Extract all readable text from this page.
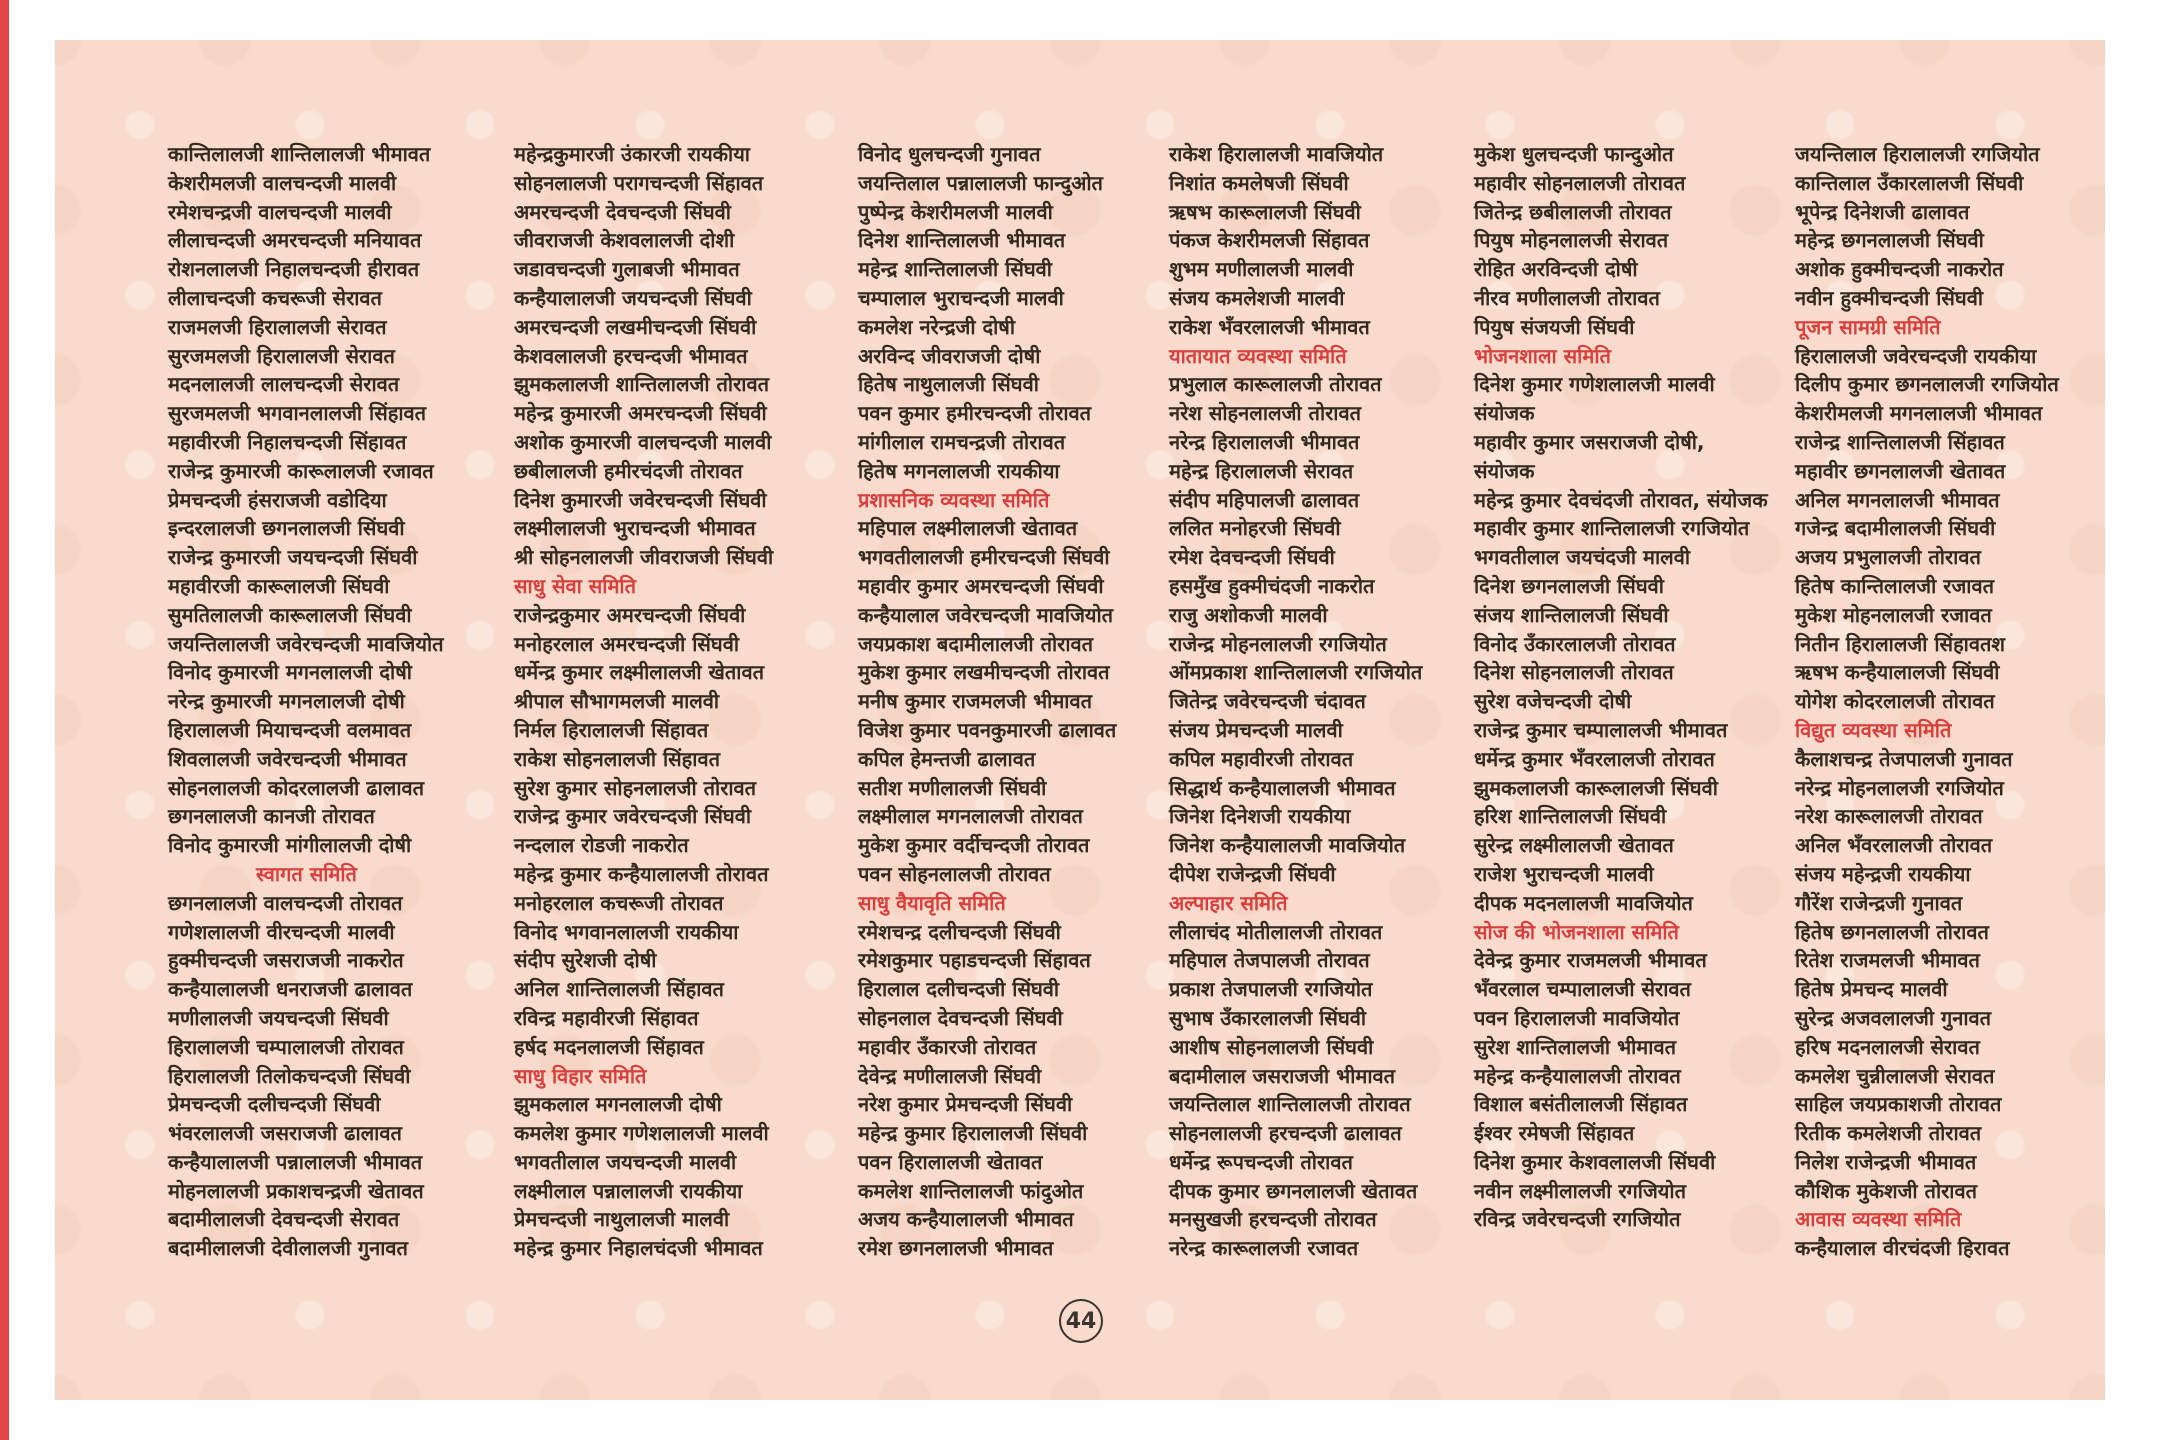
कान्तिलालजी शान्तिलालजी भीमावत

केशरीमलजी वालचन्दजी मालवी

रमेशचन्द्रजी वालचन्दजी मालवी

लीलाचन्दजी अमरचन्दजी मनियावत

रोशनलालजी निहालचन्दजी हीरावत

लीलाचन्दजी कचरूजी सेरावत

राजमलजी हिरालालजी सेरावत

सुरजमलजी हिरालालजी सेरावत

मदनलालजी लालचन्दजी सेरावत

सुरजमलजी भगवानलालजी सिंहावत

महावीरजी निहालचन्दजी सिंहावत

राजेन्द्र कुमारजी कारूलालजी रजावत

प्रेमचन्दजी हंसराजजी वडोदिया

इन्दरलालजी छगनलालजी सिंघवी

राजेन्द्र कुमारजी जयचन्दजी सिंघवी

महावीरजी कारूलालजी सिंघवी

सुमतिलालजी कारूलालजी सिंघवी

जयन्तिलालजी जवेरचन्दजी मावजियोत

विनोद कुमारजी मगनलालजी दोषी

नरेन्द्र कुमारजी मगनलालजी दोषी

हिरालालजी मियाचन्दजी वलमावत

शिवलालजी जवेरचन्दजी भीमावत

सोहनलालजी कोदरलालजी ढालावत

छगनलालजी कानजी तोरावत

विनोद कुमारजी मांगीलालजी दोषी

स्वागत समिति

छगनलालजी वालचन्दजी तोरावत

गणेशलालजी वीरचन्दजी मालवी

हुक्मीचन्दजी जसराजजी नाकरोत

कन्हैयालालजी धनराजजी ढालावत

मणीलालजी जयचन्दजी सिंघवी

हिरालालजी चम्पालालजी तोरावत

हिरालालजी तिलोकचन्दजी सिंघवी

प्रेमचन्दजी दलीचन्दजी सिंघवी

भंवरलालजी जसराजजी ढालावत

कन्हैयालालजी पन्नालालजी भीमावत

मोहनलालजी प्रकाशचन्द्रजी खेतावत

बदामीलालजी देवचन्दजी सेरावत

बदामीलालजी देवीलालजी गुनावत

महेन्द्रकुमारजी उंकारजी रायकीया

सोहनलालजी परागचन्दजी सिंहावत

अमरचन्दजी देवचन्दजी सिंघवी

जीवराजजी केशवलालजी दोशी

जडावचन्दजी गुलाबजी भीमावत

कन्हैयालालजी जयचन्दजी सिंघवी

अमरचन्दजी लखमीचन्दजी सिंघवी

केशवलालजी हरचन्दजी भीमावत

झुमकलालजी शान्तिलालजी तोरावत

महेन्द्र कुमारजी अमरचन्दजी सिंघवी

अशोक कुमारजी वालचन्दजी मालवी

छबीलालजी हमीरचंदजी तोरावत

दिनेश कुमारजी जवेरचन्दजी सिंघवी

लक्ष्मीलालजी भुराचन्दजी भीमावत

श्री सोहनलालजी जीवराजजी सिंघवी

साधु सेवा समिति

राजेन्द्रकुमार अमरचन्दजी सिंघवी

मनोहरलाल अमरचन्दजी सिंघवी

धर्मेन्द्र कुमार लक्ष्मीलालजी खेतावत

श्रीपाल सौभागमलजी मालवी

निर्मल हिरालालजी सिंहावत

राकेश सोहनलालजी सिंहावत

सुरेश कुमार सोहनलालजी तोरावत

राजेन्द्र कुमार जवेरचन्दजी सिंघवी

नन्दलाल रोडजी नाकरोत

महेन्द्र कुमार कन्हैयालालजी तोरावत

मनोहरलाल कचरूजी तोरावत

विनोद भगवानलालजी रायकीया

संदीप सुरेशजी दोषी

अनिल शान्तिलालजी सिंहावत

रविन्द्र महावीरजी सिंहावत

हर्षद मदनलालजी सिंहावत

साधु विहार समिति

झुमकलाल मगनलालजी दोषी

कमलेश कुमार गणेशलालजी मालवी

भगवतीलाल जयचन्दजी मालवी

लक्ष्मीलाल पन्नालालजी रायकीया

प्रेमचन्दजी नाथुलालजी मालवी

महेन्द्र कुमार निहालचंदजी भीमावत

विनोद धुलचन्दजी गुनावत

जयन्तिलाल पन्नालालजी फान्दुओत

पुष्पेन्द्र केशरीमलजी मालवी

दिनेश शान्तिलालजी भीमावत

महेन्द्र शान्तिलालजी सिंघवी

चम्पालाल भुराचन्दजी मालवी

कमलेश नरेन्द्रजी दोषी

अरविन्द जीवराजजी दोषी

हितेष नाथुलालजी सिंघवी

पवन कुमार हमीरचन्दजी तोरावत

मांगीलाल रामचन्द्रजी तोरावत

हितेष मगनलालजी रायकीया

प्रशासनिक व्यवस्था समिति

महिपाल लक्ष्मीलालजी खेतावत

भगवतीलालजी हमीरचन्दजी सिंघवी

महावीर कुमार अमरचन्दजी सिंघवी

कन्हैयालाल जवेरचन्दजी मावजियोत

जयप्रकाश बदामीलालजी तोरावत

मुकेश कुमार लखमीचन्दजी तोरावत

मनीष कुमार राजमलजी भीमावत

विजेश कुमार पवनकुमारजी ढालावत

कपिल हेमन्तजी ढालावत

सतीश मणीलालजी सिंघवी

लक्ष्मीलाल मगनलालजी तोरावत

मुकेश कुमार वर्दीचन्दजी तोरावत

पवन सोहनलालजी तोरावत

साधु वैयावृति समिति

रमेशचन्द्र दलीचन्दजी सिंघवी

रमेशकुमार पहाडचन्दजी सिंहावत

हिरालाल दलीचन्दजी सिंघवी

सोहनलाल देवचन्दजी सिंघवी

महावीर उँकारजी तोरावत

देवेन्द्र मणीलालजी सिंघवी

नरेश कुमार प्रेमचन्दजी सिंघवी

महेन्द्र कुमार हिरालालजी सिंघवी

पवन हिरालालजी खेतावत

कमलेश शान्तिलालजी फांदुओत

अजय कन्हैयालालजी भीमावत

रमेश छगनलालजी भीमावत

राकेश हिरालालजी मावजियोत

निशांत कमलेषजी सिंघवी

ऋषभ कारूलालजी सिंघवी

पंकज केशरीमलजी सिंहावत

शुभम मणीलालजी मालवी

संजय कमलेशजी मालवी

राकेश भँवरलालजी भीमावत

यातायात व्यवस्था समिति

प्रभुलाल कारूलालजी तोरावत

नरेश सोहनलालजी तोरावत

नरेन्द्र हिरालालजी भीमावत

महेन्द्र हिरालालजी सेरावत

संदीप महिपालजी ढालावत

ललित मनोहरजी सिंघवी

रमेश देवचन्दजी सिंघवी

हसमुँख हुक्मीचंदजी नाकरोत

राजु अशोकजी मालवी

राजेन्द्र मोहनलालजी रगजियोत

ओंमप्रकाश शान्तिलालजी रगजियोत

जितेन्द्र जवेरचन्दजी चंदावत

संजय प्रेमचन्दजी मालवी

कपिल महावीरजी तोरावत

सिद्धार्थ कन्हैयालालजी भीमावत

जिनेश दिनेशजी रायकीया

जिनेश कन्हैयालालजी मावजियोत

दीपेश राजेन्द्रजी सिंघवी

अल्पाहार समिति

लीलाचंद मोतीलालजी तोरावत

महिपाल तेजपालजी तोरावत

प्रकाश तेजपालजी रगजियोत

सुभाष उँकारलालजी सिंघवी

आशीष सोहनलालजी सिंघवी

बदामीलाल जसराजजी भीमावत

जयन्तिलाल शान्तिलालजी तोरावत

सोहनलालजी हरचन्दजी ढालावत

धर्मेन्द्र रूपचन्दजी तोरावत

दीपक कुमार छगनलालजी खेतावत

मनसुखजी हरचन्दजी तोरावत

नरेन्द्र कारूलालजी रजावत

मुकेश धुलचन्दजी फान्दुओत

महावीर सोहनलालजी तोरावत

जितेन्द्र छबीलालजी तोरावत

पियुष मोहनलालजी सेरावत

रोहित अरविन्दजी दोषी

नीरव मणीलालजी तोरावत

पियुष संजयजी सिंघवी

भोजनशाला समिति

दिनेश कुमार गणेशलालजी मालवी

संयोजक

महावीर कुमार जसराजजी दोषी,

संयोजक

महेन्द्र कुमार देवचंदजी तोरावत, संयोजक

महावीर कुमार शान्तिलालजी रगजियोत

भगवतीलाल जयचंदजी मालवी

दिनेश छगनलालजी सिंघवी

संजय शान्तिलालजी सिंघवी

विनोद उँकारलालजी तोरावत

दिनेश सोहनलालजी तोरावत

सुरेश वजेचन्दजी दोषी

राजेन्द्र कुमार चम्पालालजी भीमावत

धर्मेन्द्र कुमार भँवरलालजी तोरावत

झुमकलालजी कारूलालजी सिंघवी

हरिश शान्तिलालजी सिंघवी

सुरेन्द्र लक्ष्मीलालजी खेतावत

राजेश भुराचन्दजी मालवी

दीपक मदनलालजी मावजियोत

सोज की भोजनशाला समिति

देवेन्द्र कुमार राजमलजी भीमावत

भँवरलाल चम्पालालजी सेरावत

पवन हिरालालजी मावजियोत

सुरेश शान्तिलालजी भीमावत

महेन्द्र कन्हैयालालजी तोरावत

विशाल बसंतीलालजी सिंहावत

ईश्वर रमेषजी सिंहावत

दिनेश कुमार केशवलालजी सिंघवी

नवीन लक्ष्मीलालजी रगजियोत

रविन्द्र जवेरचन्दजी रगजियोत

जयन्तिलाल हिरालालजी रगजियोत

कान्तिलाल उँकारलालजी सिंघवी

भूपेन्द्र दिनेशजी ढालावत

महेन्द्र छगनलालजी सिंघवी

अशोक हुक्मीचन्दजी नाकरोत

नवीन हुक्मीचन्दजी सिंघवी

पूजन सामग्री समिति

हिरालालजी जवेरचन्दजी रायकीया

दिलीप कुमार छगनलालजी रगजियोत

केशरीमलजी मगनलालजी भीमावत

राजेन्द्र शान्तिलालजी सिंहावत

महावीर छगनलालजी खेतावत

अनिल मगनलालजी भीमावत

गजेन्द्र बदामीलालजी सिंघवी

अजय प्रभुलालजी तोरावत

हितेष कान्तिलालजी रजावत

मुकेश मोहनलालजी रजावत

नितीन हिरालालजी सिंहावतश

ऋषभ कन्हैयालालजी सिंघवी

योगेश कोदरलालजी तोरावत

विद्युत व्यवस्था समिति

कैलाशचन्द्र तेजपालजी गुनावत

नरेन्द्र मोहनलालजी रगजियोत

नरेश कारूलालजी तोरावत

अनिल भँवरलालजी तोरावत

संजय महेन्द्रजी रायकीया

गौरेंश राजेन्द्रजी गुनावत

हितेष छगनलालजी तोरावत

रितेश राजमलजी भीमावत

हितेष प्रेमचन्द मालवी

सुरेन्द्र अजवलालजी गुनावत

हरिष मदनलालजी सेरावत

कमलेश चुन्नीलालजी सेरावत

साहिल जयप्रकाशजी तोरावत

रितीक कमलेशजी तोरावत

निलेश राजेन्द्रजी भीमावत

कौशिक मुकेशजी तोरावत

आवास व्यवस्था समिति

कन्हैयालाल वीरचंदजी हिरावत

44
